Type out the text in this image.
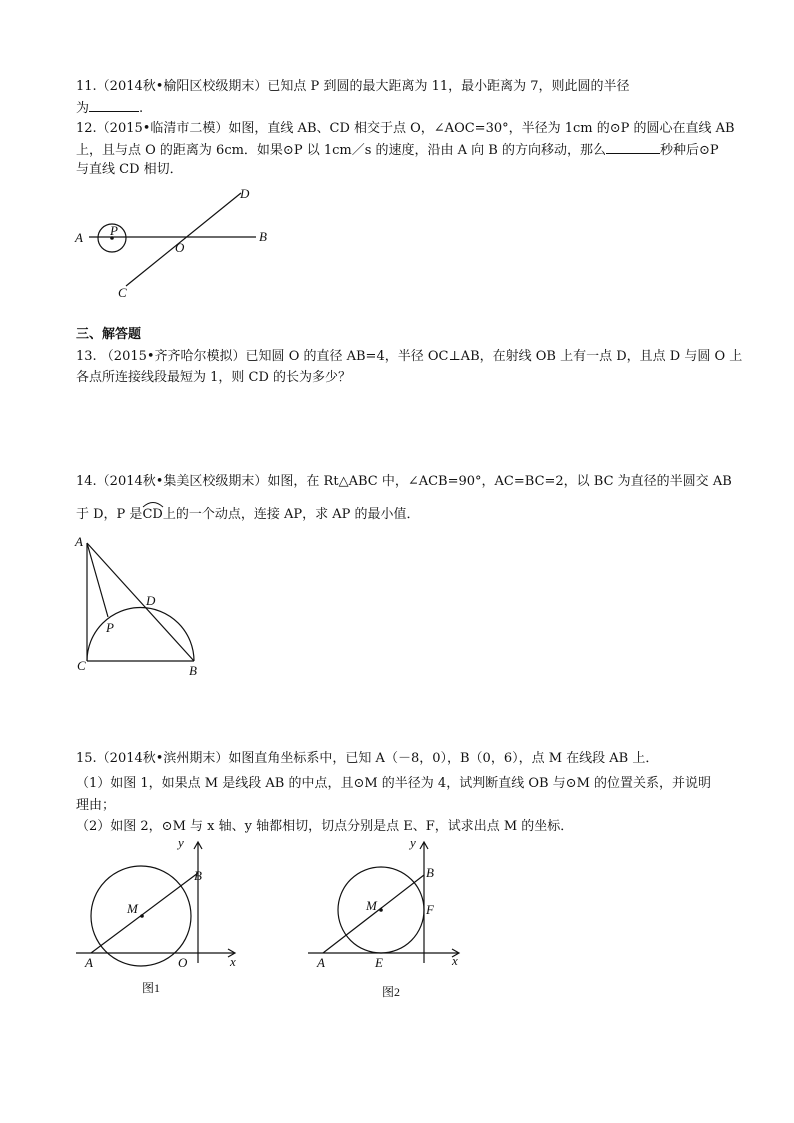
11.（2014秋•榆阳区校级期末）已知点 P 到圆的最大距离为 11，最小距离为 7，则此圆的半径
为	.
12.（2015•临清市二模）如图，直线 AB、CD 相交于点 O，∠AOC=30°，半径为 1cm 的⊙P 的圆心在直线 AB
上，且与点 O 的距离为 6cm．如果⊙P 以 1cm／s 的速度，沿由 A 向 B 的方向移动，那么	秒种后⊙P
与直线 CD 相切．
A	B
P
O
D
C
三、解答题
13. （2015•齐齐哈尔模拟）已知圆 O 的直径 AB=4，半径 OC⊥AB，在射线 OB 上有一点 D，且点 D 与圆 O 上
各点所连接线段最短为 1，则 CD 的长为多少？
14.（2014秋•集美区校级期末）如图，在 Rt△ABC 中，∠ACB=90°，AC=BC=2，以 BC 为直径的半圆交 AB
于 D，P 是
CD上的一个动点，连接 AP，求 AP 的最小值．
A
D
P
C	B
15.（2014秋•滨州期末）如图直角坐标系中，已知 A（－8，0），B（0，6），点 M 在线段 AB 上．
（1）如图 1，如果点 M 是线段 AB 的中点，且⊙M 的半径为 4，试判断直线 OB 与⊙M 的位置关系，并说明
理由；
（2）如图 2，⊙M 与 x 轴、y 轴都相切，切点分别是点 E、F，试求出点 M 的坐标．
y
B
M
A	O	x
图1
y
B
M	F
A	E	x
图2
